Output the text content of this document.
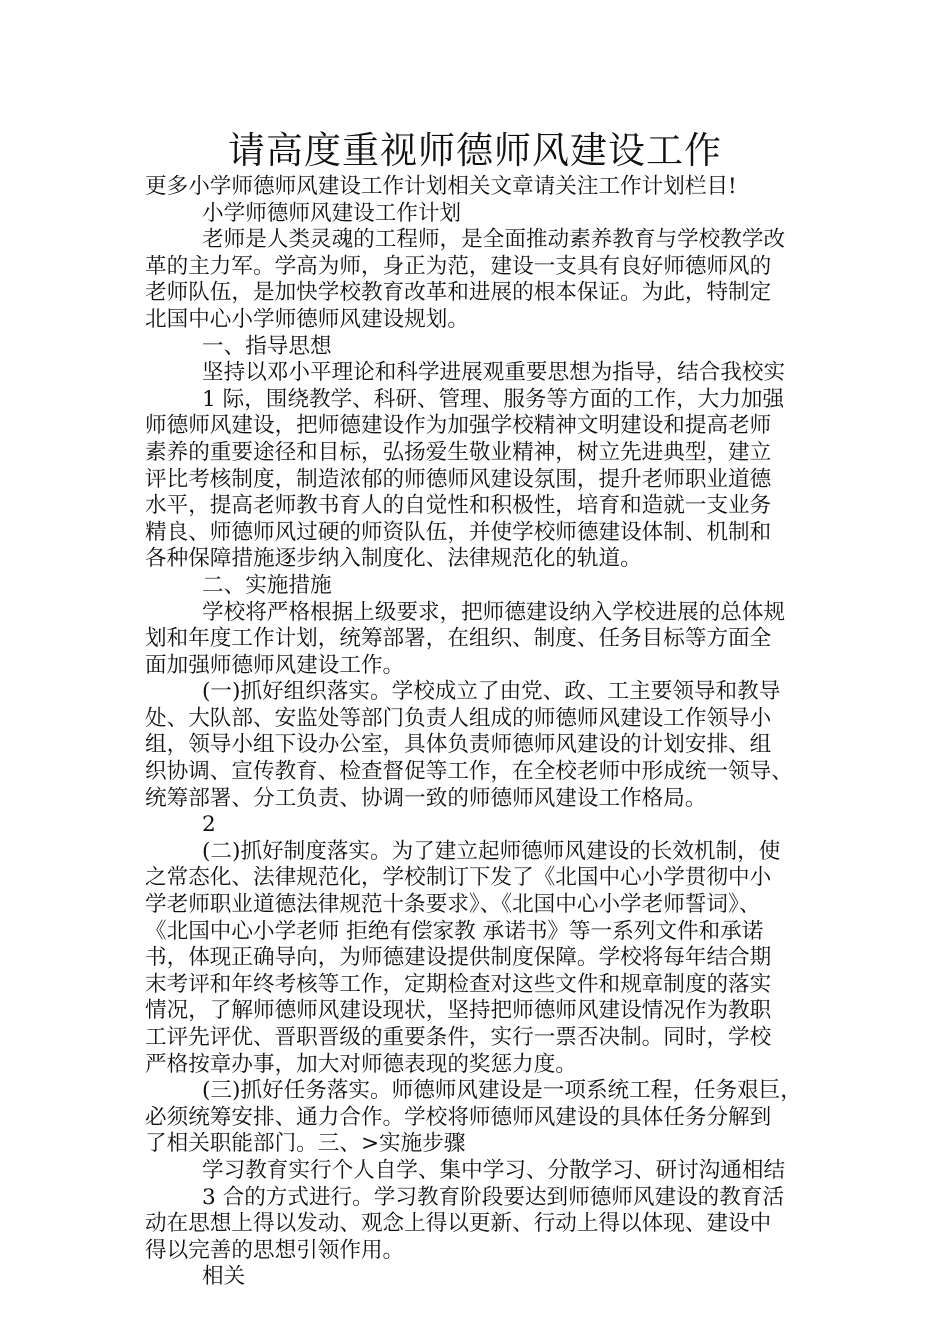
请高度重视师德师风建设工作
更多小学师德师风建设工作计划相关文章请关注工作计划栏目!
小学师德师风建设工作计划
老师是人类灵魂的工程师，是全面推动素养教育与学校教学改
革的主力军。学高为师，身正为范，建设一支具有良好师德师风的
老师队伍，是加快学校教育改革和进展的根本保证。为此，特制定
北国中心小学师德师风建设规划。
一、指导思想
坚持以邓小平理论和科学进展观重要思想为指导，结合我校实
1 际，围绕教学、科研、管理、服务等方面的工作，大力加强
师德师风建设，把师德建设作为加强学校精神文明建设和提高老师
素养的重要途径和目标，弘扬爱生敬业精神，树立先进典型，建立
评比考核制度，制造浓郁的师德师风建设氛围，提升老师职业道德
水平，提高老师教书育人的自觉性和积极性，培育和造就一支业务
精良、师德师风过硬的师资队伍，并使学校师德建设体制、机制和
各种保障措施逐步纳入制度化、法律规范化的轨道。
二、实施措施
学校将严格根据上级要求，把师德建设纳入学校进展的总体规
划和年度工作计划，统筹部署，在组织、制度、任务目标等方面全
面加强师德师风建设工作。
(一)抓好组织落实。学校成立了由党、政、工主要领导和教导
处、大队部、安监处等部门负责人组成的师德师风建设工作领导小
组，领导小组下设办公室，具体负责师德师风建设的计划安排、组
织协调、宣传教育、检查督促等工作，在全校老师中形成统一领导、
统筹部署、分工负责、协调一致的师德师风建设工作格局。
2
(二)抓好制度落实。为了建立起师德师风建设的长效机制，使
之常态化、法律规范化，学校制订下发了《北国中心小学贯彻中小
学老师职业道德法律规范十条要求》、《北国中心小学老师誓词》、
《北国中心小学老师 拒绝有偿家教 承诺书》等一系列文件和承诺
书，体现正确导向，为师德建设提供制度保障。学校将每年结合期
末考评和年终考核等工作，定期检查对这些文件和规章制度的落实
情况，了解师德师风建设现状，坚持把师德师风建设情况作为教职
工评先评优、晋职晋级的重要条件，实行一票否决制。同时，学校
严格按章办事，加大对师德表现的奖惩力度。
(三)抓好任务落实。师德师风建设是一项系统工程，任务艰巨，
必须统筹安排、通力合作。学校将师德师风建设的具体任务分解到
了相关职能部门。三、>实施步骤
学习教育实行个人自学、集中学习、分散学习、研讨沟通相结
3 合的方式进行。学习教育阶段要达到师德师风建设的教育活
动在思想上得以发动、观念上得以更新、行动上得以体现、建设中
得以完善的思想引领作用。
相关
